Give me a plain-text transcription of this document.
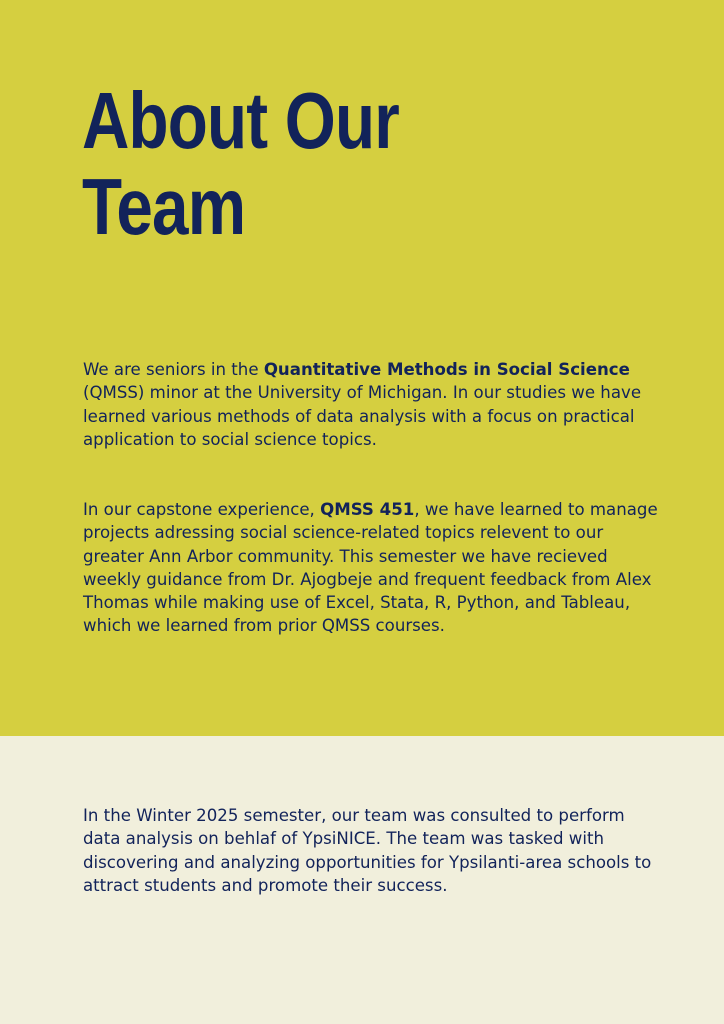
About Our
Team

We are seniors in the Quantitative Methods in Social Science (QMSS) minor at the University of Michigan. In our studies we have learned various methods of data analysis with a focus on practical application to social science topics.

In our capstone experience, QMSS 451, we have learned to manage projects adressing social science-related topics relevent to our greater Ann Arbor community. This semester we have recieved weekly guidance from Dr. Ajogbeje and frequent feedback from Alex Thomas while making use of Excel, Stata, R, Python, and Tableau, which we learned from prior QMSS courses.

In the Winter 2025 semester, our team was consulted to perform data analysis on behlaf of YpsiNICE. The team was tasked with discovering and analyzing opportunities for Ypsilanti-area schools to attract students and promote their success.
